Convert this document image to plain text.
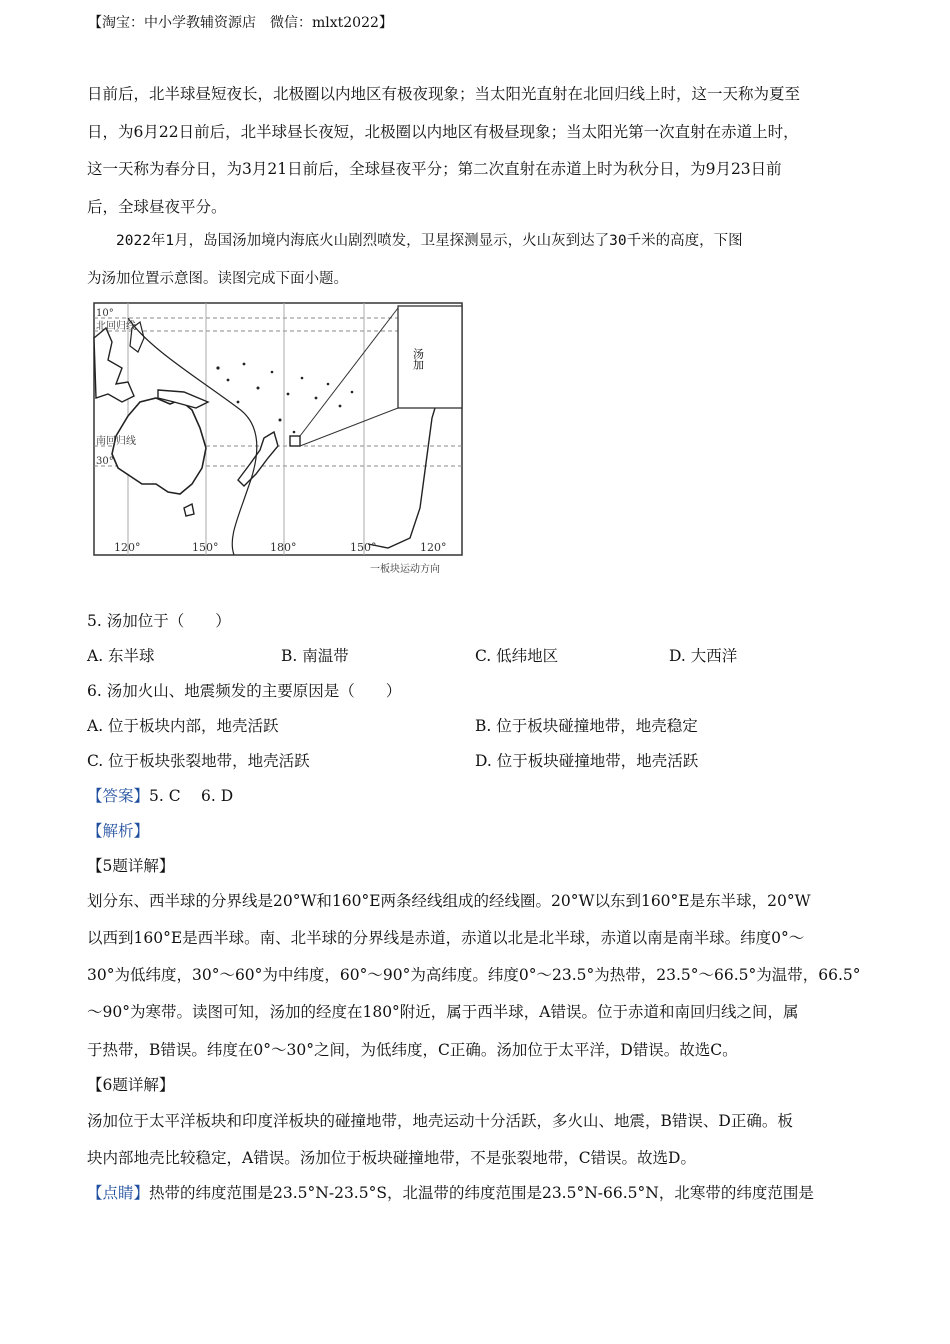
【淘宝：中小学教辅资源店　微信：mlxt2022】
日前后，北半球昼短夜长，北极圈以内地区有极夜现象；当太阳光直射在北回归线上时，这一天称为夏至
日，为6月22日前后，北半球昼长夜短，北极圈以内地区有极昼现象；当太阳光第一次直射在赤道上时，
这一天称为春分日，为3月21日前后，全球昼夜平分；第二次直射在赤道上时为秋分日，为9月23日前
后，全球昼夜平分。
　　2022年1月，岛国汤加境内海底火山剧烈喷发，卫星探测显示，火山灰到达了30千米的高度，下图
为汤加位置示意图。读图完成下面小题。
汤加
10°
北回归线
南回归线
30°
120°	150°	180°	150°	120°
一板块运动方向
5. 汤加位于（　　）
A. 东半球	B. 南温带	C. 低纬地区	D. 大西洋
6. 汤加火山、地震频发的主要原因是（　　）
A. 位于板块内部，地壳活跃	B. 位于板块碰撞地带，地壳稳定
C. 位于板块张裂地带，地壳活跃	D. 位于板块碰撞地带，地壳活跃
【答案】5. C　 6. D
【解析】
【5题详解】
划分东、西半球的分界线是20°W和160°E两条经线组成的经线圈。20°W以东到160°E是东半球，20°W
以西到160°E是西半球。南、北半球的分界线是赤道，赤道以北是北半球，赤道以南是南半球。纬度0°～
30°为低纬度，30°～60°为中纬度，60°～90°为高纬度。纬度0°～23.5°为热带，23.5°～66.5°为温带，66.5°
～90°为寒带。读图可知，汤加的经度在180°附近，属于西半球，A错误。位于赤道和南回归线之间，属
于热带，B错误。纬度在0°～30°之间，为低纬度，C正确。汤加位于太平洋，D错误。故选C。
【6题详解】
汤加位于太平洋板块和印度洋板块的碰撞地带，地壳运动十分活跃，多火山、地震，B错误、D正确。板
块内部地壳比较稳定，A错误。汤加位于板块碰撞地带，不是张裂地带，C错误。故选D。
【点睛】热带的纬度范围是23.5°N-23.5°S，北温带的纬度范围是23.5°N-66.5°N，北寒带的纬度范围是
